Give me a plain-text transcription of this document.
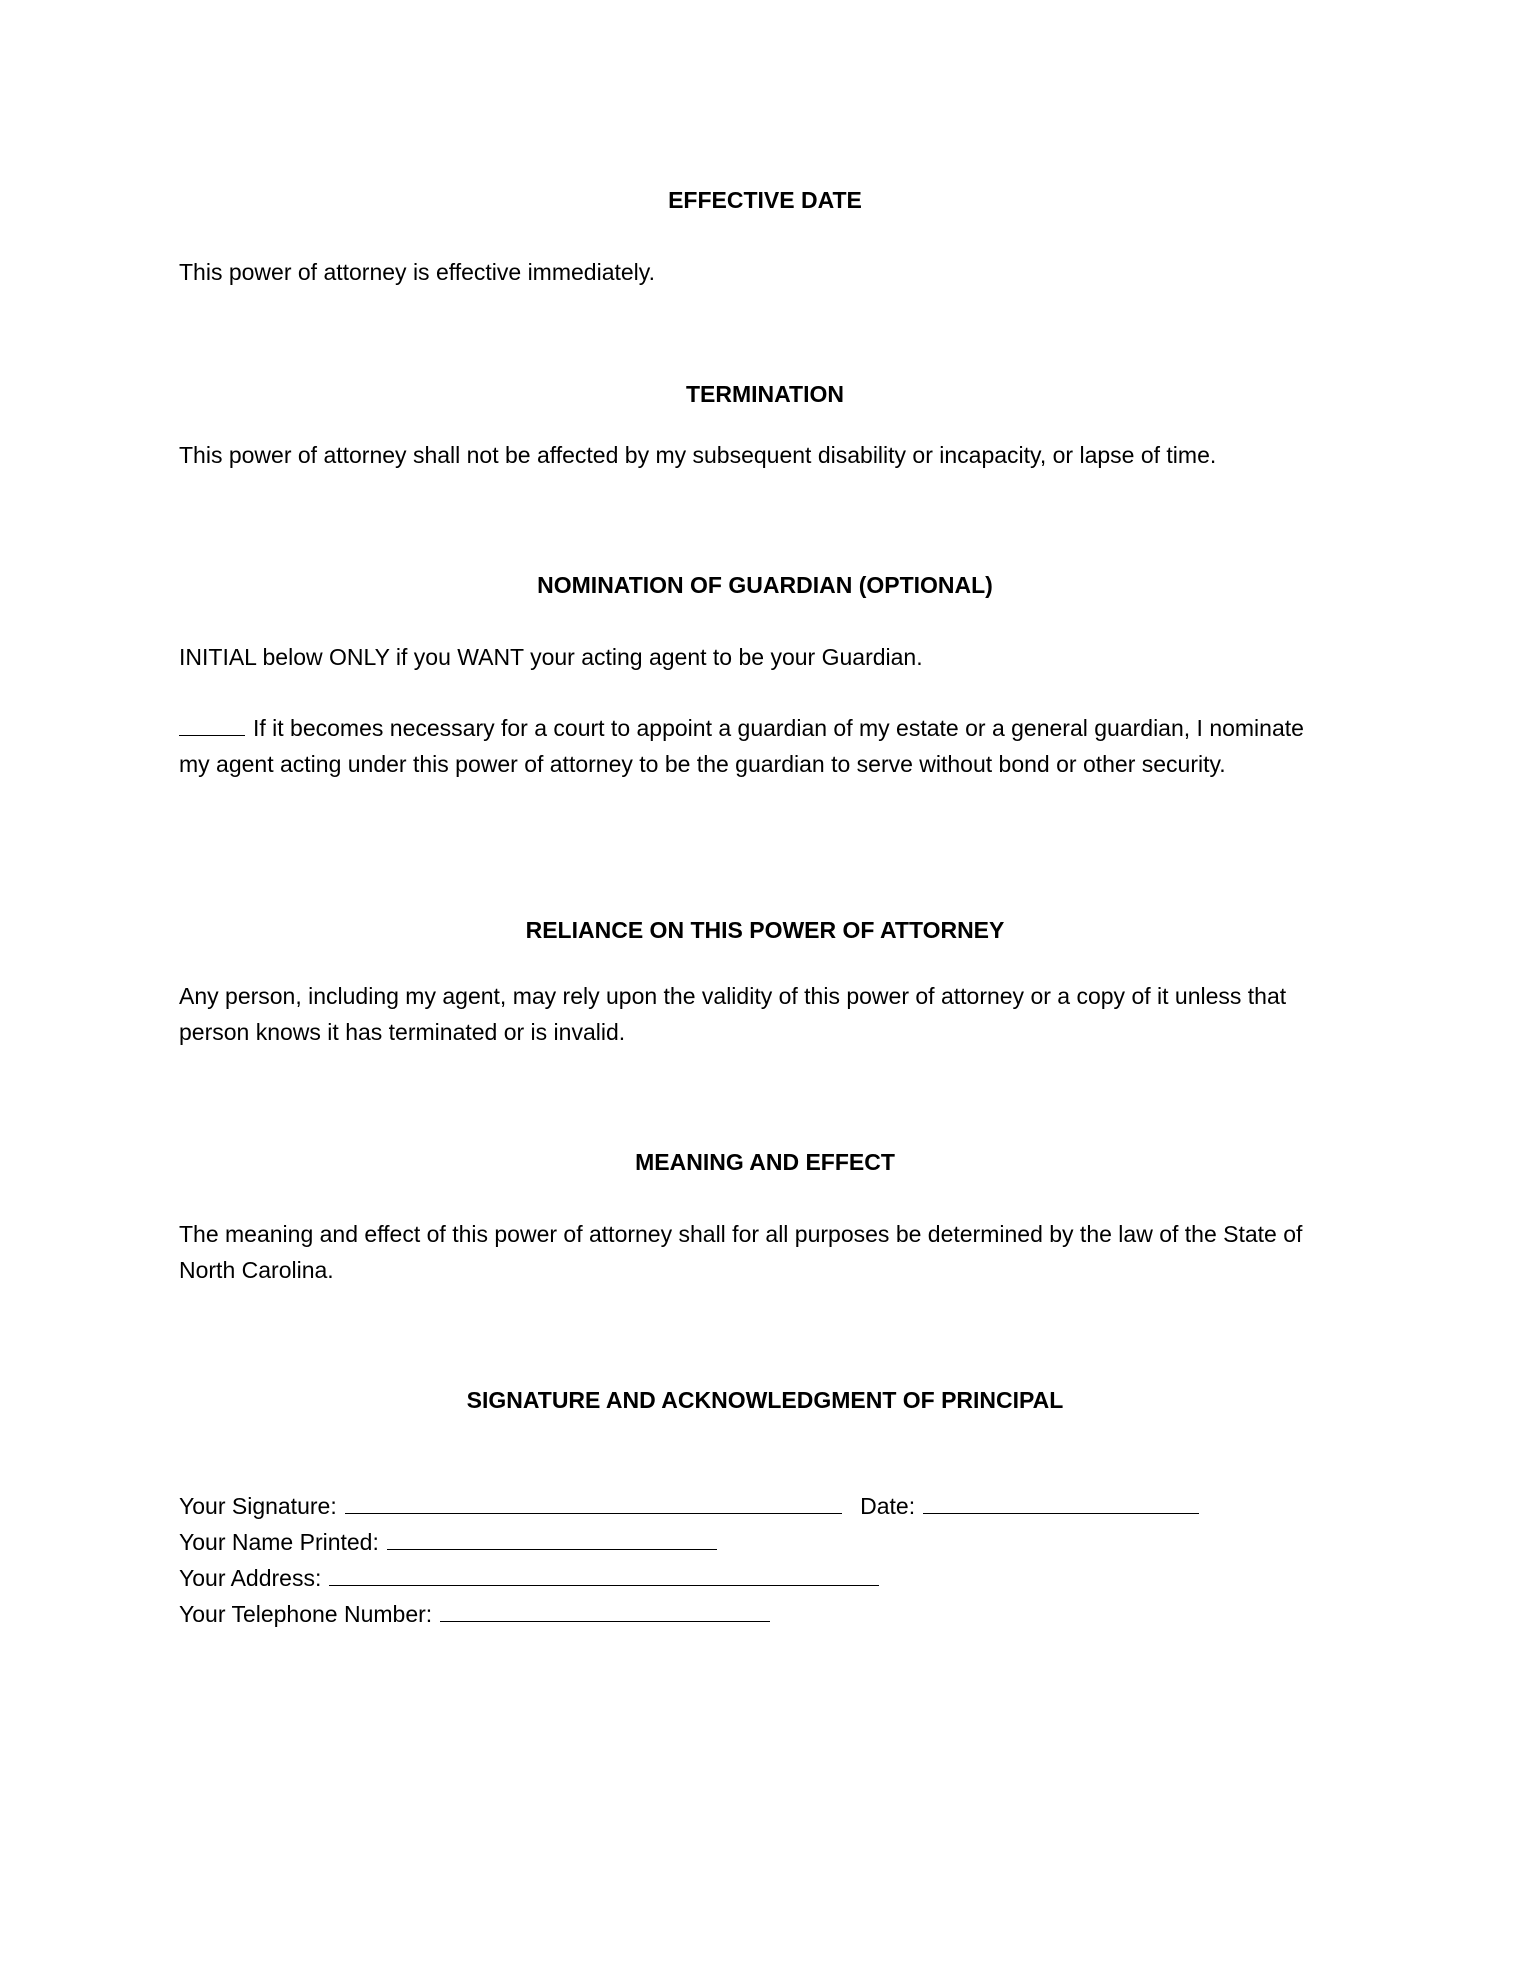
EFFECTIVE DATE
This power of attorney is effective immediately.
TERMINATION
This power of attorney shall not be affected by my subsequent disability or incapacity, or lapse of time.
NOMINATION OF GUARDIAN (OPTIONAL)
INITIAL below ONLY if you WANT your acting agent to be your Guardian.
If it becomes necessary for a court to appoint a guardian of my estate or a general guardian, I nominate my agent acting under this power of attorney to be the guardian to serve without bond or other security.
RELIANCE ON THIS POWER OF ATTORNEY
Any person, including my agent, may rely upon the validity of this power of attorney or a copy of it unless that person knows it has terminated or is invalid.
MEANING AND EFFECT
The meaning and effect of this power of attorney shall for all purposes be determined by the law of the State of North Carolina.
SIGNATURE AND ACKNOWLEDGMENT OF PRINCIPAL
Your Signature:	Date:
Your Name Printed:
Your Address:
Your Telephone Number:
